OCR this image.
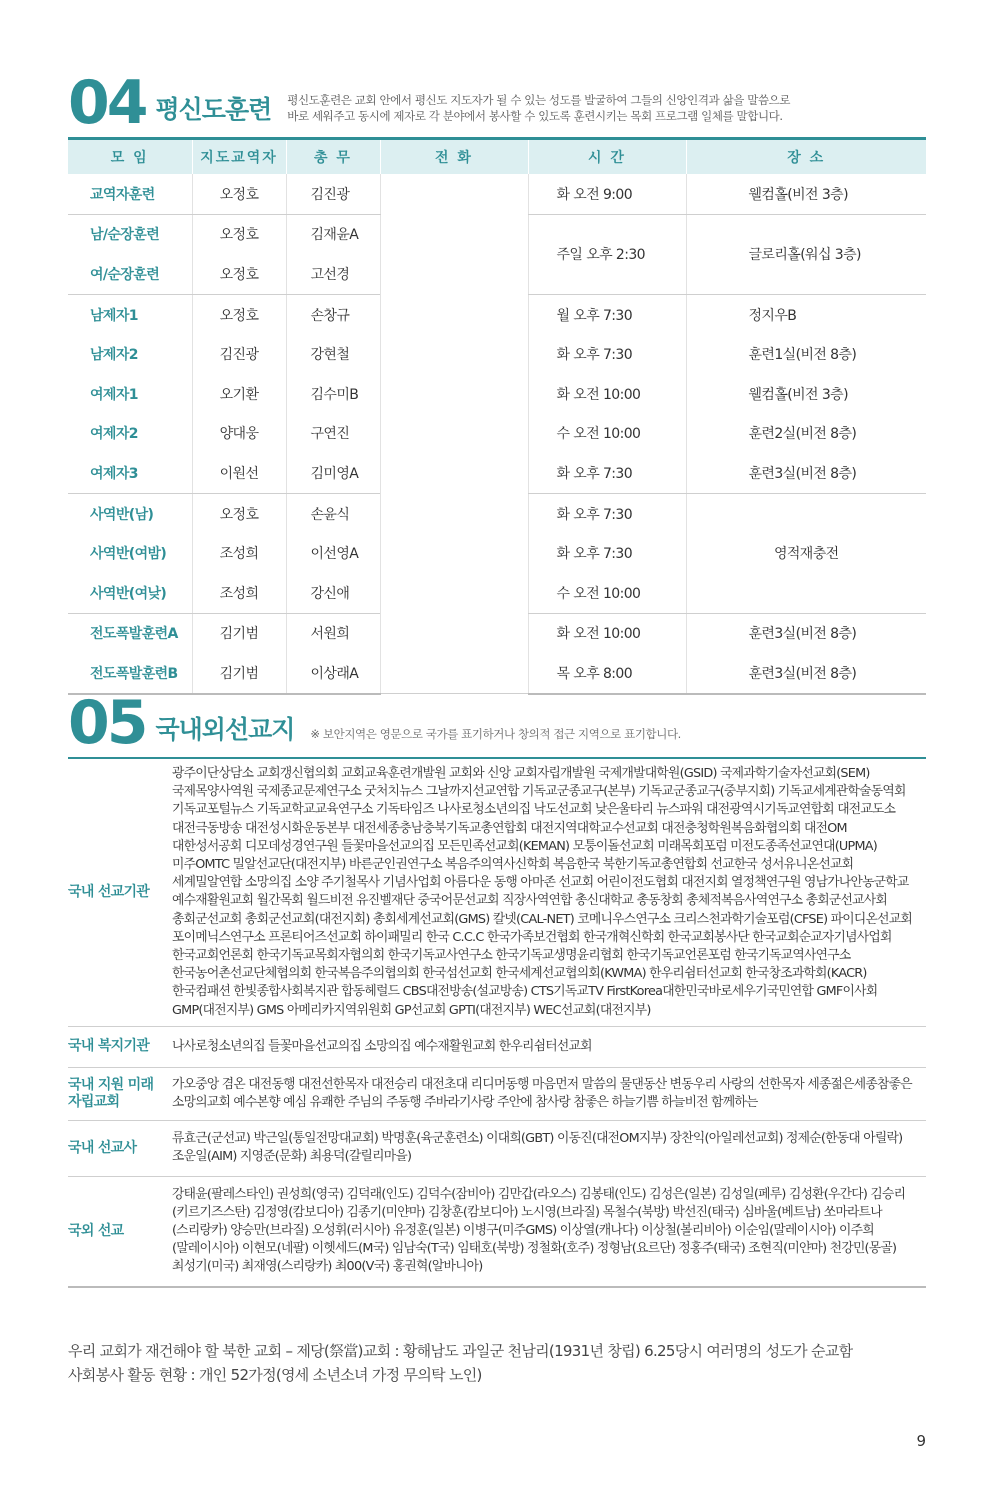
04 평신도훈련 평신도훈련은 교회 안에서 평신도 지도자가 될 수 있는 성도를 발굴하여 그들의 신앙인격과 삶을 말씀으로
바로 세워주고 동시에 제자로 각 분야에서 봉사할 수 있도록 훈련시키는 목회 프로그램 일체를 말합니다.
모 임	지도교역자	총 무	전 화	시 간	장 소
교역자훈련	오정호	김진광		화 오전 9:00	웰컴홀(비전 3층)
남/순장훈련	오정호	김재윤A		주일 오후 2:30	글로리홀(워십 3층)
여/순장훈련	오정호	고선경			
남제자1	오정호	손창규		월 오후 7:30	정지우B
남제자2	김진광	강현철		화 오후 7:30	훈련1실(비전 8층)
여제자1	오기환	김수미B		화 오전 10:00	웰컴홀(비전 3층)
여제자2	양대웅	구연진		수 오전 10:00	훈련2실(비전 8층)
여제자3	이원선	김미영A		화 오후 7:30	훈련3실(비전 8층)
사역반(남)	오정호	손윤식		화 오후 7:30	영적재충전
사역반(여밤)	조성희	이선영A		화 오후 7:30	
사역반(여낮)	조성희	강신애		수 오전 10:00	
전도폭발훈련A	김기범	서원희		화 오전 10:00	훈련3실(비전 8층)
전도폭발훈련B	김기범	이상래A		목 오후 8:00	훈련3실(비전 8층)
05 국내외선교지 ※ 보안지역은 영문으로 국가를 표기하거나 창의적 접근 지역으로 표기합니다.
국내 선교기관	광주이단상담소 교회갱신협의회 교회교육훈련개발원 교회와 신앙 교회자립개발원 국제개발대학원(GSID) 국제과학기술자선교회(SEM) 국제목양사역원 국제종교문제연구소 굿처치뉴스 그날까지선교연합 기독교군종교구(본부) 기독교군종교구(중부지회) 기독교세계관학술동역회 기독교포털뉴스 기독교학교교육연구소 기독타임즈 나사로청소년의집 낙도선교회 낮은울타리 뉴스파워 대전광역시기독교연합회 대전교도소 대전극동방송 대전성시화운동본부 대전세종충남충북기독교총연합회 대전지역대학교수선교회 대전충청학원복음화협의회 대전OM 대한성서공회 디모데성경연구원 들꽃마을선교의집 모든민족선교회(KEMAN) 모퉁이돌선교회 미래목회포럼 미전도종족선교연대(UPMA) 미주OMTC 밀알선교단(대전지부) 바른군인권연구소 복음주의역사신학회 복음한국 북한기독교총연합회 선교한국 성서유니온선교회 세계밀알연합 소망의집 소양 주기철목사 기념사업회 아름다운 동행 아마존 선교회 어린이전도협회 대전지회 열정책연구원 영남가나안농군학교 예수재활원교회 월간목회 월드비전 유진벨재단 중국어문선교회 직장사역연합 총신대학교 총동창회 총체적복음사역연구소 총회군선교사회 총회군선교회 총회군선교회(대전지회) 총회세계선교회(GMS) 칼넷(CAL-NET) 코메니우스연구소 크리스천과학기술포럼(CFSE) 파이디온선교회 포이메닉스연구소 프론티어즈선교회 하이패밀리 한국 C.C.C 한국가족보건협회 한국개혁신학회 한국교회봉사단 한국교회순교자기념사업회 한국교회언론회 한국기독교목회자협의회 한국기독교사연구소 한국기독교생명윤리협회 한국기독교언론포럼 한국기독교역사연구소 한국농어촌선교단체협의회 한국복음주의협의회 한국섬선교회 한국세계선교협의회(KWMA) 한우리쉼터선교회 한국창조과학회(KACR) 한국컴패션 한빛종합사회복지관 합동헤럴드 CBS대전방송(설교방송) CTS기독교TV FirstKorea대한민국바로세우기국민연합 GMF이사회 GMP(대전지부) GMS 아메리카지역위원회 GP선교회 GPTI(대전지부) WEC선교회(대전지부)
국내 복지기관	나사로청소년의집 들꽃마을선교의집 소망의집 예수재활원교회 한우리쉼터선교회
국내 지원 미래자립교회	가오중앙 겸온 대전동행 대전선한목자 대전승리 대전초대 리디머동행 마음먼저 말씀의 물댄동산 변동우리 사랑의 선한목자 세종젊은세종참좋은 소망의교회 예수본향 예심 유쾌한 주님의 주동행 주바라기사랑 주안에 참사랑 참좋은 하늘기쁨 하늘비전 함께하는
국내 선교사	류효근(군선교) 박근일(통일전망대교회) 박명훈(육군훈련소) 이대희(GBT) 이동진(대전OM지부) 장찬익(아일레선교회) 정제순(한동대 아릴락) 조운일(AIM) 지영준(문화) 최용덕(갈릴리마을)
국외 선교	강태윤(팔레스타인) 권성희(영국) 김덕래(인도) 김덕수(잠비아) 김만갑(라오스) 김봉태(인도) 김성은(일본) 김성일(페루) 김성환(우간다) 김승리(키르기즈스탄) 김정영(캄보디아) 김종기(미얀마) 김창훈(캄보디아) 노시영(브라질) 목철수(북방) 박선진(태국) 심바울(베트남) 쏘마라트나(스리랑카) 양승만(브라질) 오성휘(러시아) 유정훈(일본) 이병구(미주GMS) 이상열(캐나다) 이상철(볼리비아) 이순임(말레이시아) 이주희(말레이시아) 이현모(네팔) 이헷세드(M국) 임남숙(T국) 임태호(북방) 정철화(호주) 정형남(요르단) 정홍주(태국) 조현직(미얀마) 천강민(몽골) 최성기(미국) 최재영(스리랑카) 최00(V국) 홍권혁(알바니아)
우리 교회가 재건해야 할 북한 교회 – 제당(祭當)교회 : 황해남도 과일군 천남리(1931년 창립) 6.25당시 여러명의 성도가 순교함
사회봉사 활동 현황 : 개인 52가정(영세 소년소녀 가정 무의탁 노인)
9
